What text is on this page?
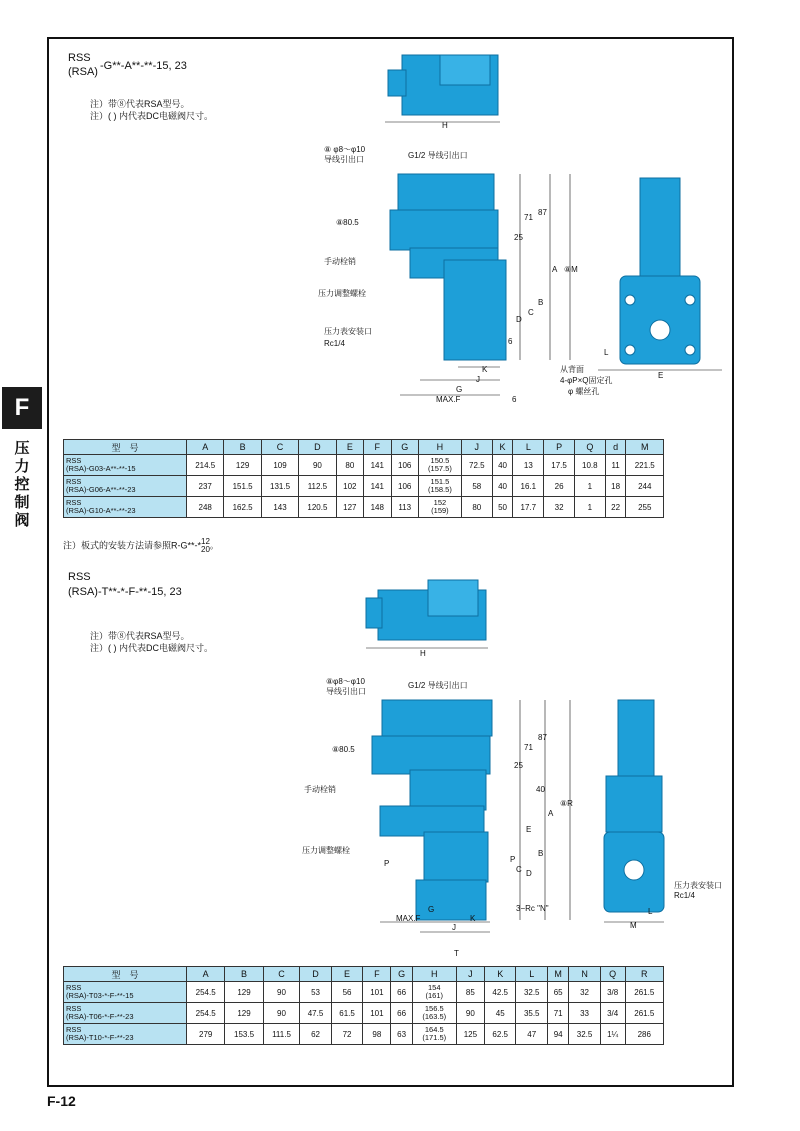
F
压力控制阀
F-12
RSS
(RSA) -G**-A**-**-15, 23
注）带⑧代表RSA型号。
注）( ) 内代表DC电磁阀尺寸。
H
⑧ φ8～φ10
导线引出口	G1/2 导线引出口
⑧80.5
手动栓销
压力调整螺栓
压力表安装口
Rc1/4
87
71
25
A ⑧M
B
C
D
6
K
J
G
MAX.F	6
L
E
从背面
4-φP×Q固定孔
φ 螺丝孔
型　号	A	B	C	D	E	F	G	H	J	K	L	P	Q	d	M

RSS
(RSA)-G03-A**-**-15	214.5	129	109	90	80	141	106	150.5
(157.5)	72.5	40	13	17.5	10.8	11	221.5

RSS
(RSA)-G06-A**-**-23	237	151.5	131.5	112.5	102	141	106	151.5
(158.5)	58	40	16.1	26	1	18	244

RSS
(RSA)-G10-A**-**-23	248	162.5	143	120.5	127	148	113	152
(159)	80	50	17.7	32	1	22	255
注）板式的安装方法请参照R-G**-* 12
20 。
RSS
(RSA)-T**-*-F-**-15, 23
注）带⑧代表RSA型号。
注）( ) 内代表DC电磁阀尺寸。
H
⑧φ8～φ10
导线引出口
G1/2 导线引出口
⑧80.5
手动栓销
压力调整螺栓
87
71
25
40
⑧R
A
E
B
C D
P	P
G
MAX.F	K
J
T
3−Rc "N"
压力表安装口
Rc1/4
L
M
型　号	A	B	C	D	E	F	G	H	J	K	L	M	N	Q	R

RSS
(RSA)-T03-*-F-**-15	254.5	129	90	53	56	101	66	154
(161)	85	42.5	32.5	65	32	3/8	261.5

RSS
(RSA)-T06-*-F-**-23	254.5	129	90	47.5	61.5	101	66	156.5
(163.5)	90	45	35.5	71	33	3/4	261.5

RSS
(RSA)-T10-*-F-**-23	279	153.5	111.5	62	72	98	63	164.5
(171.5)	125	62.5	47	94	32.5	1¼	286
